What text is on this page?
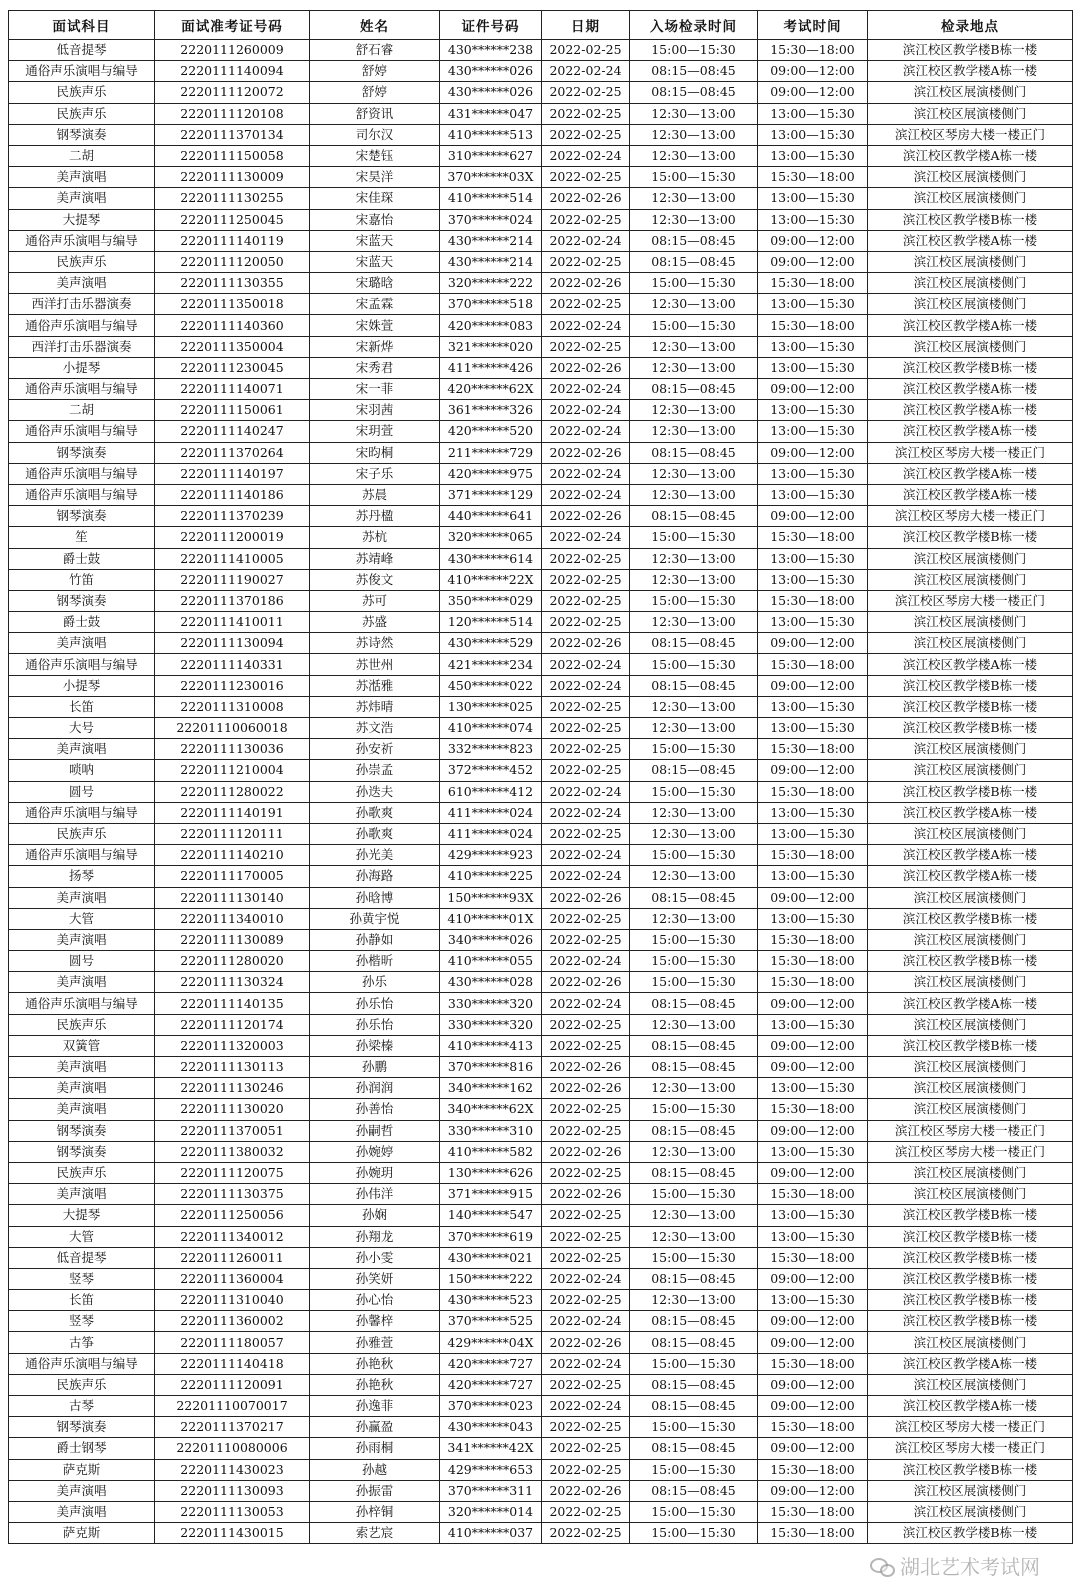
面试科目	面试准考证号码	姓名	证件号码	日期	入场检录时间	考试时间	检录地点
低音提琴	2220111260009	舒石睿	430******238	2022-02-25	15:00—15:30	15:30—18:00	滨江校区教学楼B栋一楼
通俗声乐演唱与编导	2220111140094	舒婷	430******026	2022-02-24	08:15—08:45	09:00—12:00	滨江校区教学楼A栋一楼
民族声乐	2220111120072	舒婷	430******026	2022-02-25	08:15—08:45	09:00—12:00	滨江校区展演楼侧门
民族声乐	2220111120108	舒资讯	431******047	2022-02-25	12:30—13:00	13:00—15:30	滨江校区展演楼侧门
钢琴演奏	2220111370134	司尔汉	410******513	2022-02-25	12:30—13:00	13:00—15:30	滨江校区琴房大楼一楼正门
二胡	2220111150058	宋楚钰	310******627	2022-02-24	12:30—13:00	13:00—15:30	滨江校区教学楼A栋一楼
美声演唱	2220111130009	宋昊洋	370******03X	2022-02-25	15:00—15:30	15:30—18:00	滨江校区展演楼侧门
美声演唱	2220111130255	宋佳琛	410******514	2022-02-26	12:30—13:00	13:00—15:30	滨江校区展演楼侧门
大提琴	2220111250045	宋嘉怡	370******024	2022-02-25	12:30—13:00	13:00—15:30	滨江校区教学楼B栋一楼
通俗声乐演唱与编导	2220111140119	宋蓝天	430******214	2022-02-24	08:15—08:45	09:00—12:00	滨江校区教学楼A栋一楼
民族声乐	2220111120050	宋蓝天	430******214	2022-02-25	08:15—08:45	09:00—12:00	滨江校区展演楼侧门
美声演唱	2220111130355	宋璐晗	320******222	2022-02-26	15:00—15:30	15:30—18:00	滨江校区展演楼侧门
西洋打击乐器演奏	2220111350018	宋孟霖	370******518	2022-02-25	12:30—13:00	13:00—15:30	滨江校区展演楼侧门
通俗声乐演唱与编导	2220111140360	宋姝萱	420******083	2022-02-24	15:00—15:30	15:30—18:00	滨江校区教学楼A栋一楼
西洋打击乐器演奏	2220111350004	宋新烨	321******020	2022-02-25	12:30—13:00	13:00—15:30	滨江校区展演楼侧门
小提琴	2220111230045	宋秀君	411******426	2022-02-26	12:30—13:00	13:00—15:30	滨江校区教学楼B栋一楼
通俗声乐演唱与编导	2220111140071	宋一菲	420******62X	2022-02-24	08:15—08:45	09:00—12:00	滨江校区教学楼A栋一楼
二胡	2220111150061	宋羽茜	361******326	2022-02-24	12:30—13:00	13:00—15:30	滨江校区教学楼A栋一楼
通俗声乐演唱与编导	2220111140247	宋玥萱	420******520	2022-02-24	12:30—13:00	13:00—15:30	滨江校区教学楼A栋一楼
钢琴演奏	2220111370264	宋昀桐	211******729	2022-02-26	08:15—08:45	09:00—12:00	滨江校区琴房大楼一楼正门
通俗声乐演唱与编导	2220111140197	宋子乐	420******975	2022-02-24	12:30—13:00	13:00—15:30	滨江校区教学楼A栋一楼
通俗声乐演唱与编导	2220111140186	苏晨	371******129	2022-02-24	12:30—13:00	13:00—15:30	滨江校区教学楼A栋一楼
钢琴演奏	2220111370239	苏丹楹	440******641	2022-02-26	08:15—08:45	09:00—12:00	滨江校区琴房大楼一楼正门
笙	2220111200019	苏杭	320******065	2022-02-24	15:00—15:30	15:30—18:00	滨江校区教学楼B栋一楼
爵士鼓	2220111410005	苏靖峰	430******614	2022-02-25	12:30—13:00	13:00—15:30	滨江校区展演楼侧门
竹笛	2220111190027	苏俊文	410******22X	2022-02-25	12:30—13:00	13:00—15:30	滨江校区展演楼侧门
钢琴演奏	2220111370186	苏可	350******029	2022-02-25	15:00—15:30	15:30—18:00	滨江校区琴房大楼一楼正门
爵士鼓	2220111410011	苏盛	120******514	2022-02-25	12:30—13:00	13:00—15:30	滨江校区展演楼侧门
美声演唱	2220111130094	苏诗然	430******529	2022-02-26	08:15—08:45	09:00—12:00	滨江校区展演楼侧门
通俗声乐演唱与编导	2220111140331	苏世州	421******234	2022-02-24	15:00—15:30	15:30—18:00	滨江校区教学楼A栋一楼
小提琴	2220111230016	苏湉雅	450******022	2022-02-24	08:15—08:45	09:00—12:00	滨江校区教学楼B栋一楼
长笛	2220111310008	苏炜晴	130******025	2022-02-25	12:30—13:00	13:00—15:30	滨江校区教学楼B栋一楼
大号	22201110060018	苏文浩	410******074	2022-02-25	12:30—13:00	13:00—15:30	滨江校区教学楼B栋一楼
美声演唱	2220111130036	孙安祈	332******823	2022-02-25	15:00—15:30	15:30—18:00	滨江校区展演楼侧门
唢呐	2220111210004	孙崇孟	372******452	2022-02-25	08:15—08:45	09:00—12:00	滨江校区展演楼侧门
圆号	2220111280022	孙迭夫	610******412	2022-02-24	15:00—15:30	15:30—18:00	滨江校区教学楼B栋一楼
通俗声乐演唱与编导	2220111140191	孙歌爽	411******024	2022-02-24	12:30—13:00	13:00—15:30	滨江校区教学楼A栋一楼
民族声乐	2220111120111	孙歌爽	411******024	2022-02-25	12:30—13:00	13:00—15:30	滨江校区展演楼侧门
通俗声乐演唱与编导	2220111140210	孙光美	429******923	2022-02-24	15:00—15:30	15:30—18:00	滨江校区教学楼A栋一楼
扬琴	2220111170005	孙海路	410******225	2022-02-24	12:30—13:00	13:00—15:30	滨江校区教学楼A栋一楼
美声演唱	2220111130140	孙晗博	150******93X	2022-02-26	08:15—08:45	09:00—12:00	滨江校区展演楼侧门
大管	2220111340010	孙黄宇悦	410******01X	2022-02-25	12:30—13:00	13:00—15:30	滨江校区教学楼B栋一楼
美声演唱	2220111130089	孙静如	340******026	2022-02-25	15:00—15:30	15:30—18:00	滨江校区展演楼侧门
圆号	2220111280020	孙楷昕	410******055	2022-02-24	15:00—15:30	15:30—18:00	滨江校区教学楼B栋一楼
美声演唱	2220111130324	孙乐	430******028	2022-02-26	15:00—15:30	15:30—18:00	滨江校区展演楼侧门
通俗声乐演唱与编导	2220111140135	孙乐怡	330******320	2022-02-24	08:15—08:45	09:00—12:00	滨江校区教学楼A栋一楼
民族声乐	2220111120174	孙乐怡	330******320	2022-02-25	12:30—13:00	13:00—15:30	滨江校区展演楼侧门
双簧管	2220111320003	孙梁榛	410******413	2022-02-25	08:15—08:45	09:00—12:00	滨江校区教学楼B栋一楼
美声演唱	2220111130113	孙鹏	370******816	2022-02-26	08:15—08:45	09:00—12:00	滨江校区展演楼侧门
美声演唱	2220111130246	孙润润	340******162	2022-02-26	12:30—13:00	13:00—15:30	滨江校区展演楼侧门
美声演唱	2220111130020	孙善怡	340******62X	2022-02-25	15:00—15:30	15:30—18:00	滨江校区展演楼侧门
钢琴演奏	2220111370051	孙嗣哲	330******310	2022-02-25	08:15—08:45	09:00—12:00	滨江校区琴房大楼一楼正门
钢琴演奏	2220111380032	孙婉婷	410******582	2022-02-26	12:30—13:00	13:00—15:30	滨江校区琴房大楼一楼正门
民族声乐	2220111120075	孙婉玥	130******626	2022-02-25	08:15—08:45	09:00—12:00	滨江校区展演楼侧门
美声演唱	2220111130375	孙伟洋	371******915	2022-02-26	15:00—15:30	15:30—18:00	滨江校区展演楼侧门
大提琴	2220111250056	孙娴	140******547	2022-02-25	12:30—13:00	13:00—15:30	滨江校区教学楼B栋一楼
大管	2220111340012	孙翔龙	370******619	2022-02-25	12:30—13:00	13:00—15:30	滨江校区教学楼B栋一楼
低音提琴	2220111260011	孙小雯	430******021	2022-02-25	15:00—15:30	15:30—18:00	滨江校区教学楼B栋一楼
竖琴	2220111360004	孙笑妍	150******222	2022-02-24	08:15—08:45	09:00—12:00	滨江校区教学楼B栋一楼
长笛	2220111310040	孙心怡	430******523	2022-02-25	12:30—13:00	13:00—15:30	滨江校区教学楼B栋一楼
竖琴	2220111360002	孙馨梓	370******525	2022-02-24	08:15—08:45	09:00—12:00	滨江校区教学楼B栋一楼
古筝	2220111180057	孙雅萱	429******04X	2022-02-26	08:15—08:45	09:00—12:00	滨江校区展演楼侧门
通俗声乐演唱与编导	2220111140418	孙艳秋	420******727	2022-02-24	15:00—15:30	15:30—18:00	滨江校区教学楼A栋一楼
民族声乐	2220111120091	孙艳秋	420******727	2022-02-25	08:15—08:45	09:00—12:00	滨江校区展演楼侧门
古琴	22201110070017	孙逸菲	370******023	2022-02-24	08:15—08:45	09:00—12:00	滨江校区教学楼A栋一楼
钢琴演奏	2220111370217	孙赢盈	430******043	2022-02-25	15:00—15:30	15:30—18:00	滨江校区琴房大楼一楼正门
爵士钢琴	22201110080006	孙雨桐	341******42X	2022-02-25	08:15—08:45	09:00—12:00	滨江校区琴房大楼一楼正门
萨克斯	2220111430023	孙越	429******653	2022-02-25	15:00—15:30	15:30—18:00	滨江校区教学楼B栋一楼
美声演唱	2220111130093	孙振雷	370******311	2022-02-26	08:15—08:45	09:00—12:00	滨江校区展演楼侧门
美声演唱	2220111130053	孙梓铜	320******014	2022-02-25	15:00—15:30	15:30—18:00	滨江校区展演楼侧门
萨克斯	2220111430015	索艺宸	410******037	2022-02-25	15:00—15:30	15:30—18:00	滨江校区教学楼B栋一楼
湖北艺术考试网
